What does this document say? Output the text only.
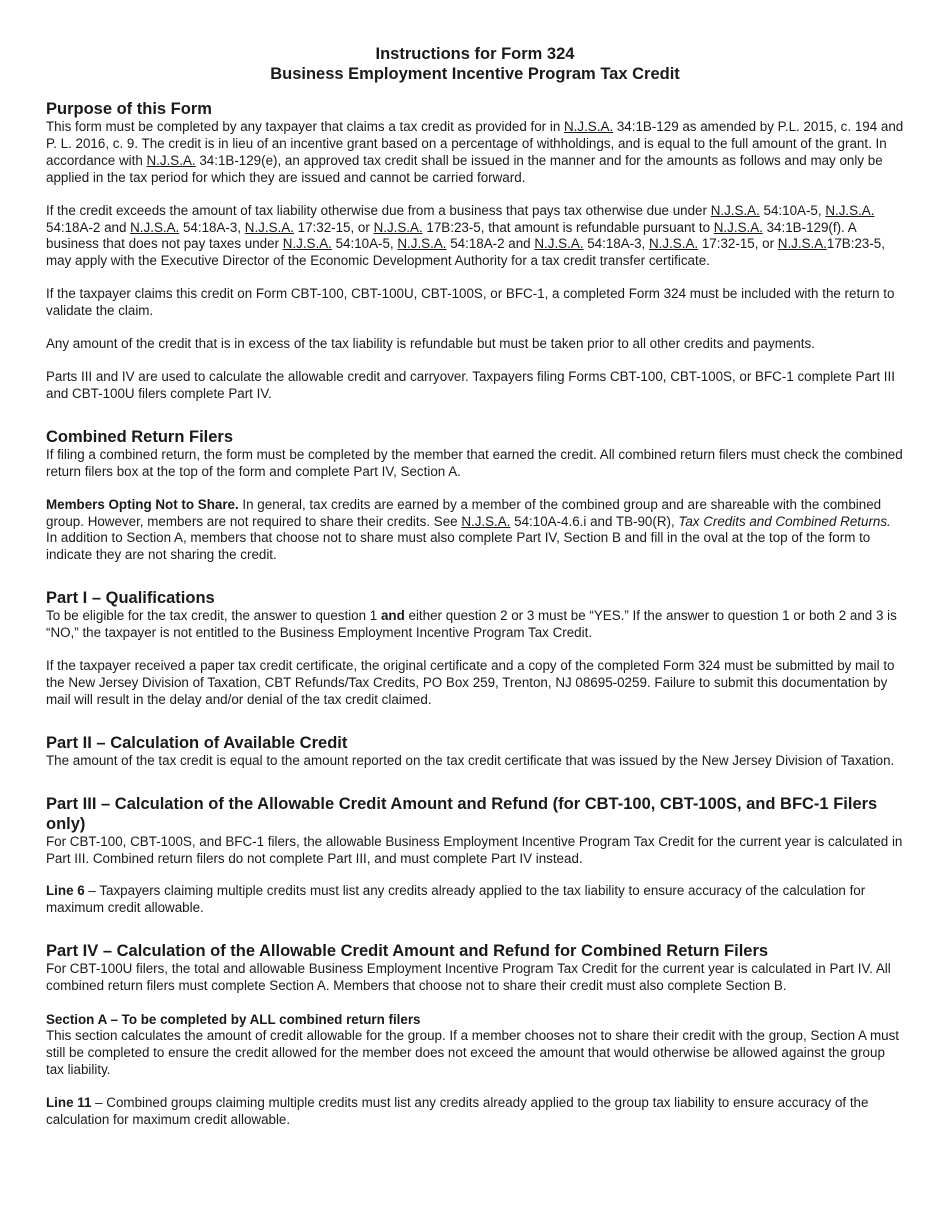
Instructions for Form 324

Business Employment Incentive Program Tax Credit

Purpose of this Form

This form must be completed by any taxpayer that claims a tax credit as provided for in N.J.S.A. 34:1B-129 as amended by P.L. 2015, c. 194 and P. L. 2016, c. 9. The credit is in lieu of an incentive grant based on a percentage of withholdings, and is equal to the full amount of the grant. In accordance with N.J.S.A. 34:1B-129(e), an approved tax credit shall be issued in the manner and for the amounts as follows and may only be applied in the tax period for which they are issued and cannot be carried forward.

If the credit exceeds the amount of tax liability otherwise due from a business that pays tax otherwise due under N.J.S.A. 54:10A-5, N.J.S.A. 54:18A-2 and N.J.S.A. 54:18A-3, N.J.S.A. 17:32-15, or N.J.S.A. 17B:23-5, that amount is refundable pursuant to N.J.S.A. 34:1B-129(f). A business that does not pay taxes under N.J.S.A. 54:10A-5, N.J.S.A. 54:18A-2 and N.J.S.A. 54:18A-3, N.J.S.A. 17:32-15, or N.J.S.A.17B:23-5, may apply with the Executive Director of the Economic Development Authority for a tax credit transfer certificate.

If the taxpayer claims this credit on Form CBT-100, CBT-100U, CBT-100S, or BFC-1, a completed Form 324 must be included with the return to validate the claim.

Any amount of the credit that is in excess of the tax liability is refundable but must be taken prior to all other credits and payments.

Parts III and IV are used to calculate the allowable credit and carryover. Taxpayers filing Forms CBT-100, CBT-100S, or BFC-1 complete Part III and CBT-100U filers complete Part IV.

Combined Return Filers

If filing a combined return, the form must be completed by the member that earned the credit. All combined return filers must check the combined return filers box at the top of the form and complete Part IV, Section A.

Members Opting Not to Share. In general, tax credits are earned by a member of the combined group and are shareable with the combined group. However, members are not required to share their credits. See N.J.S.A. 54:10A-4.6.i and TB-90(R), Tax Credits and Combined Returns. In addition to Section A, members that choose not to share must also complete Part IV, Section B and fill in the oval at the top of the form to indicate they are not sharing the credit.

Part I – Qualifications

To be eligible for the tax credit, the answer to question 1 and either question 2 or 3 must be “YES.” If the answer to question 1 or both 2 and 3 is “NO,” the taxpayer is not entitled to the Business Employment Incentive Program Tax Credit.

If the taxpayer received a paper tax credit certificate, the original certificate and a copy of the completed Form 324 must be submitted by mail to the New Jersey Division of Taxation, CBT Refunds/Tax Credits, PO Box 259, Trenton, NJ 08695-0259. Failure to submit this documentation by mail will result in the delay and/or denial of the tax credit claimed.

Part II – Calculation of Available Credit

The amount of the tax credit is equal to the amount reported on the tax credit certificate that was issued by the New Jersey Division of Taxation.

Part III – Calculation of the Allowable Credit Amount and Refund (for CBT-100, CBT-100S, and BFC-1 Filers only)

For CBT-100, CBT-100S, and BFC-1 filers, the allowable Business Employment Incentive Program Tax Credit for the current year is calculated in Part III. Combined return filers do not complete Part III, and must complete Part IV instead.

Line 6 – Taxpayers claiming multiple credits must list any credits already applied to the tax liability to ensure accuracy of the calculation for maximum credit allowable.

Part IV – Calculation of the Allowable Credit Amount and Refund for Combined Return Filers

For CBT-100U filers, the total and allowable Business Employment Incentive Program Tax Credit for the current year is calculated in Part IV. All combined return filers must complete Section A. Members that choose not to share their credit must also complete Section B.

Section A – To be completed by ALL combined return filers

This section calculates the amount of credit allowable for the group. If a member chooses not to share their credit with the group, Section A must still be completed to ensure the credit allowed for the member does not exceed the amount that would otherwise be allowed against the group tax liability.

Line 11 – Combined groups claiming multiple credits must list any credits already applied to the group tax liability to ensure accuracy of the calculation for maximum credit allowable.
